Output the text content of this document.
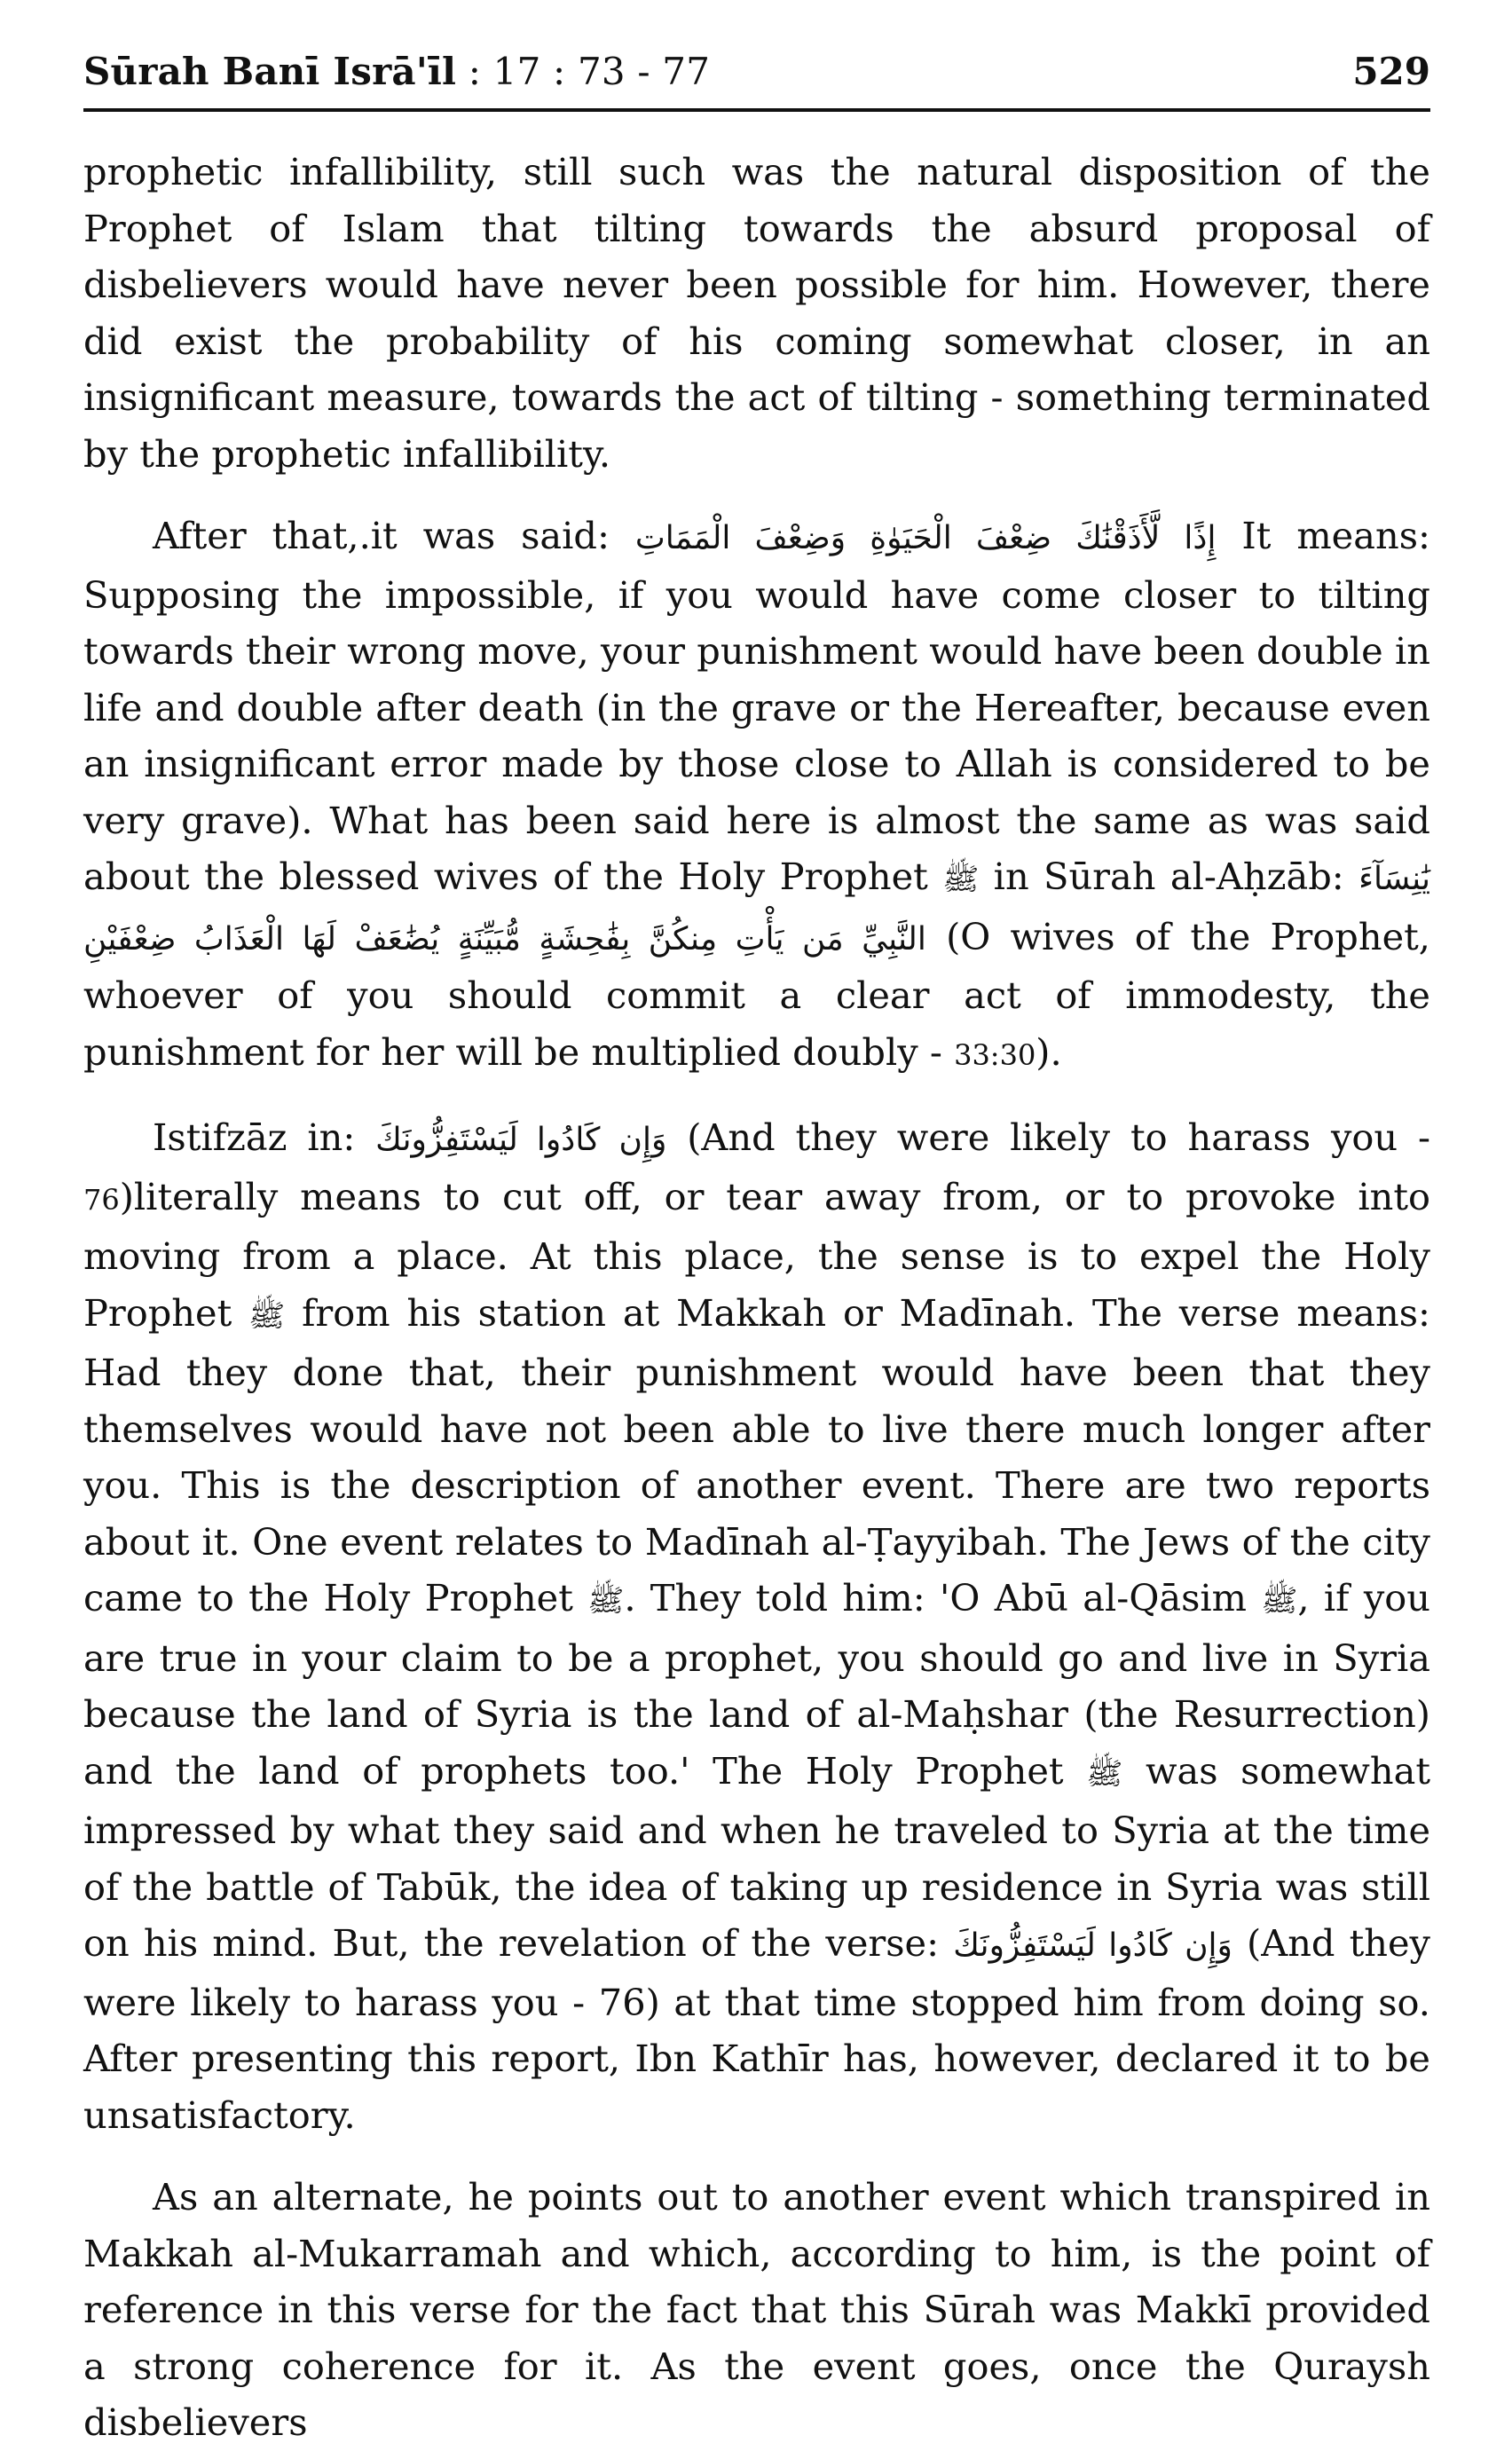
Sūrah Banī Isrā'īl : 17 : 73 - 77	529

prophetic infallibility, still such was the natural disposition of the Prophet of Islam that tilting towards the absurd proposal of disbelievers would have never been possible for him. However, there did exist the probability of his coming somewhat closer, in an insignificant measure, towards the act of tilting - something terminated by the prophetic infallibility.

After that,.it was said: إِذًا لَّأَذَقْنَٰكَ ضِعْفَ الْحَيَوٰةِ وَضِعْفَ الْمَمَاتِ It means: Supposing the impossible, if you would have come closer to tilting towards their wrong move, your punishment would have been double in life and double after death (in the grave or the Hereafter, because even an insignificant error made by those close to Allah is considered to be very grave). What has been said here is almost the same as was said about the blessed wives of the Holy Prophet ﷺ in Sūrah al-Aḥzāb: يَٰنِسَآءَ النَّبِيِّ مَن يَأْتِ مِنكُنَّ بِفَٰحِشَةٍ مُّبَيِّنَةٍ يُضَٰعَفْ لَهَا الْعَذَابُ ضِعْفَيْنِ (O wives of the Prophet, whoever of you should commit a clear act of immodesty, the punishment for her will be multiplied doubly - 33:30).

Istifzāz in: وَإِن كَادُوا لَيَسْتَفِزُّونَكَ (And they were likely to harass you - 76)literally means to cut off, or tear away from, or to provoke into moving from a place. At this place, the sense is to expel the Holy Prophet ﷺ from his station at Makkah or Madīnah. The verse means: Had they done that, their punishment would have been that they themselves would have not been able to live there much longer after you. This is the description of another event. There are two reports about it. One event relates to Madīnah al-Ṭayyibah. The Jews of the city came to the Holy Prophet ﷺ. They told him: 'O Abū al-Qāsim ﷺ, if you are true in your claim to be a prophet, you should go and live in Syria because the land of Syria is the land of al-Maḥshar (the Resurrection) and the land of prophets too.' The Holy Prophet ﷺ was somewhat impressed by what they said and when he traveled to Syria at the time of the battle of Tabūk, the idea of taking up residence in Syria was still on his mind. But, the revelation of the verse: وَإِن كَادُوا لَيَسْتَفِزُّونَكَ (And they were likely to harass you - 76) at that time stopped him from doing so. After presenting this report, Ibn Kathīr has, however, declared it to be unsatisfactory.

As an alternate, he points out to another event which transpired in Makkah al-Mukarramah and which, according to him, is the point of reference in this verse for the fact that this Sūrah was Makkī provided a strong coherence for it. As the event goes, once the Quraysh disbelievers
